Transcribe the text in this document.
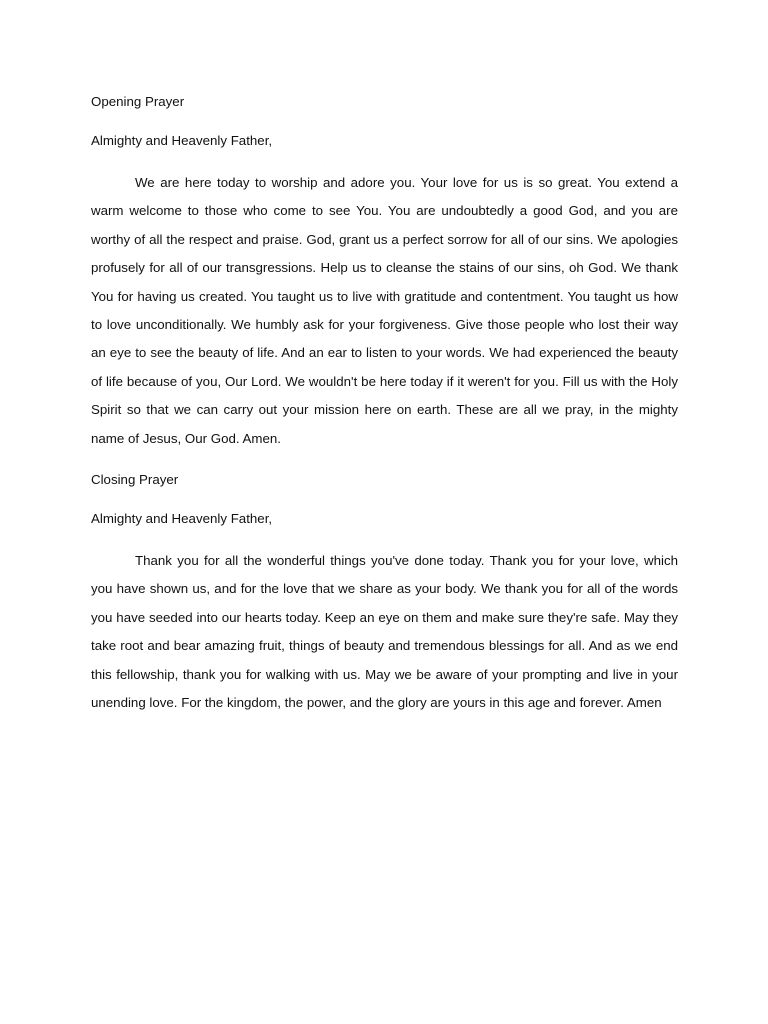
Opening Prayer

Almighty and Heavenly Father,

We are here today to worship and adore you. Your love for us is so great. You extend a warm welcome to those who come to see You. You are undoubtedly a good God, and you are worthy of all the respect and praise. God, grant us a perfect sorrow for all of our sins. We apologies profusely for all of our transgressions. Help us to cleanse the stains of our sins, oh God. We thank You for having us created. You taught us to live with gratitude and contentment. You taught us how to love unconditionally. We humbly ask for your forgiveness. Give those people who lost their way an eye to see the beauty of life. And an ear to listen to your words. We had experienced the beauty of life because of you, Our Lord. We wouldn't be here today if it weren't for you. Fill us with the Holy Spirit so that we can carry out your mission here on earth. These are all we pray, in the mighty name of Jesus, Our God. Amen.

Closing Prayer

Almighty and Heavenly Father,

Thank you for all the wonderful things you've done today. Thank you for your love, which you have shown us, and for the love that we share as your body. We thank you for all of the words you have seeded into our hearts today. Keep an eye on them and make sure they're safe. May they take root and bear amazing fruit, things of beauty and tremendous blessings for all. And as we end this fellowship, thank you for walking with us. May we be aware of your prompting and live in your unending love. For the kingdom, the power, and the glory are yours in this age and forever. Amen
